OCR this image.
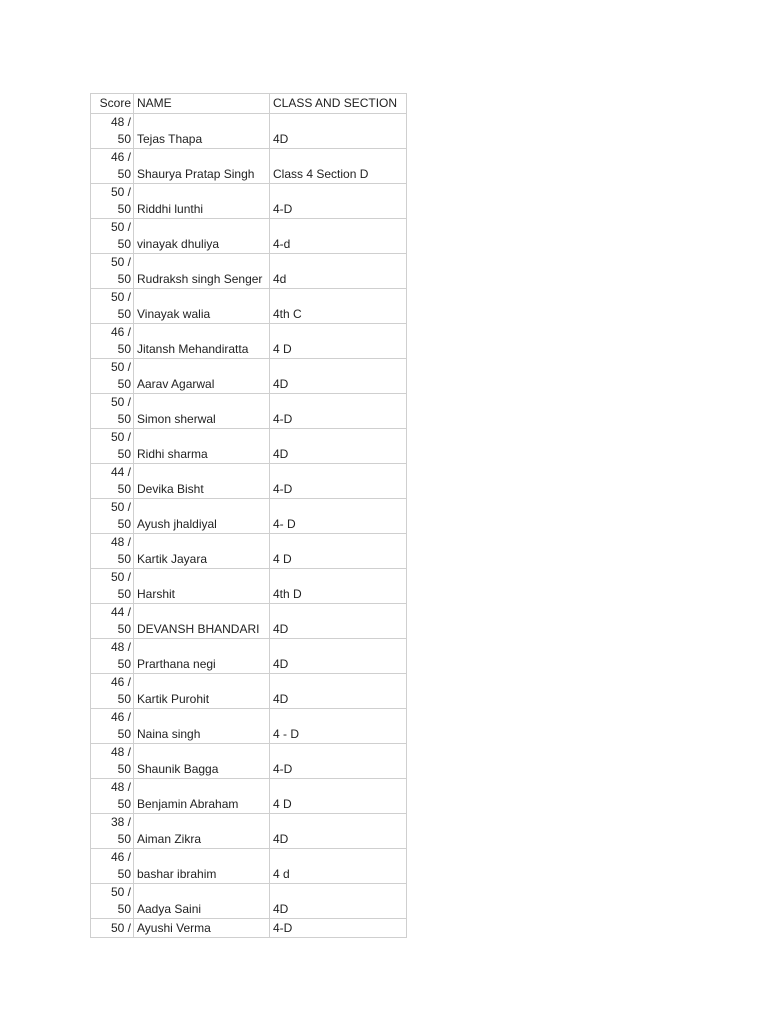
Score	NAME	CLASS AND SECTION

48 /
50	Tejas Thapa	4D

46 /
50	Shaurya Pratap Singh	Class 4 Section D

50 /
50	Riddhi lunthi	4-D

50 /
50	vinayak dhuliya	4-d

50 /
50	Rudraksh singh Senger	4d

50 /
50	Vinayak walia	4th C

46 /
50	Jitansh Mehandiratta	4 D

50 /
50	Aarav Agarwal	4D

50 /
50	Simon sherwal	4-D

50 /
50	Ridhi sharma	4D

44 /
50	Devika Bisht	4-D

50 /
50	Ayush jhaldiyal	4- D

48 /
50	Kartik Jayara	4 D

50 /
50	Harshit	4th D

44 /
50	DEVANSH BHANDARI	4D

48 /
50	Prarthana negi	4D

46 /
50	Kartik Purohit	4D

46 /
50	Naina singh	4 - D

48 /
50	Shaunik Bagga	4-D

48 /
50	Benjamin Abraham	4 D

38 /
50	Aiman Zikra	4D

46 /
50	bashar ibrahim	4 d

50 /
50	Aadya Saini	4D
50 /	Ayushi Verma	4-D
